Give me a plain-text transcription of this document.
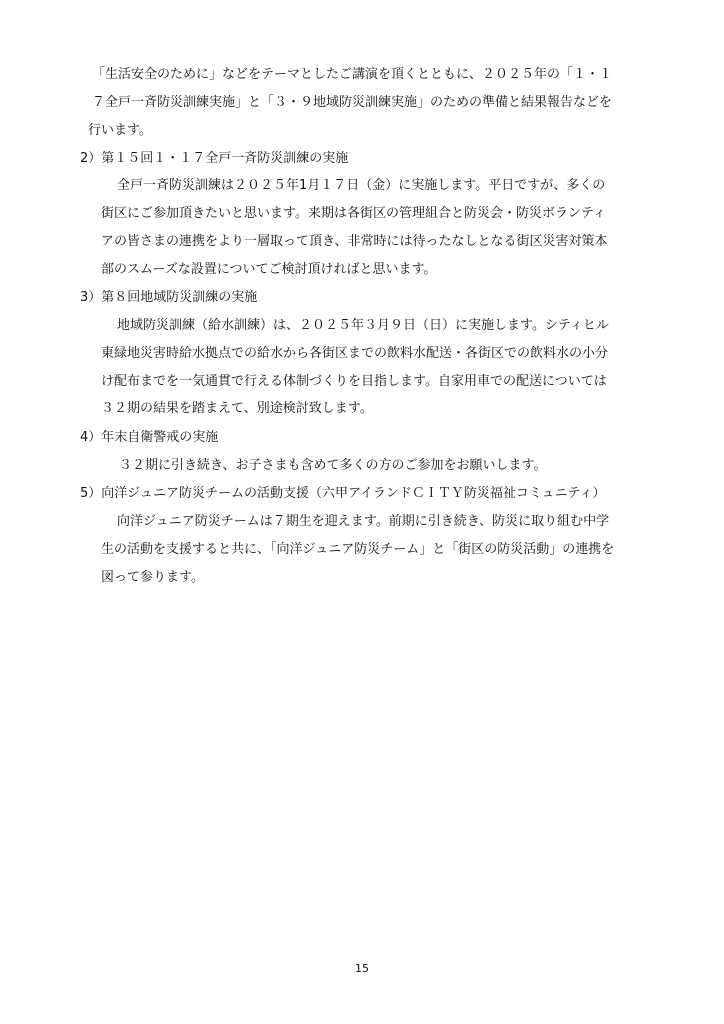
「生活安全のために」などをテーマとしたご講演を頂くとともに、２０２５年の「１・１
７全戸一斉防災訓練実施」と「３・９地域防災訓練実施」のための準備と結果報告などを
行います。
2）第１５回１・１７全戸一斉防災訓練の実施
全戸一斉防災訓練は２０２５年1月１７日（金）に実施します。平日ですが、多くの
街区にご参加頂きたいと思います。来期は各街区の管理組合と防災会・防災ボランティ
アの皆さまの連携をより一層取って頂き、非常時には待ったなしとなる街区災害対策本
部のスムーズな設置についてご検討頂ければと思います。
3）第８回地域防災訓練の実施
地域防災訓練（給水訓練）は、２０２５年３月９日（日）に実施します。シティヒル
東緑地災害時給水拠点での給水から各街区までの飲料水配送・各街区での飲料水の小分
け配布までを一気通貫で行える体制づくりを目指します。自家用車での配送については
３２期の結果を踏まえて、別途検討致します。
4）年末自衛警戒の実施
３２期に引き続き、お子さまも含めて多くの方のご参加をお願いします。
5）向洋ジュニア防災チームの活動支援（六甲アイランドＣＩＴＹ防災福祉コミュニティ）
向洋ジュニア防災チームは７期生を迎えます。前期に引き続き、防災に取り組む中学
生の活動を支援すると共に、「向洋ジュニア防災チーム」と「街区の防災活動」の連携を
図って参ります。
15
